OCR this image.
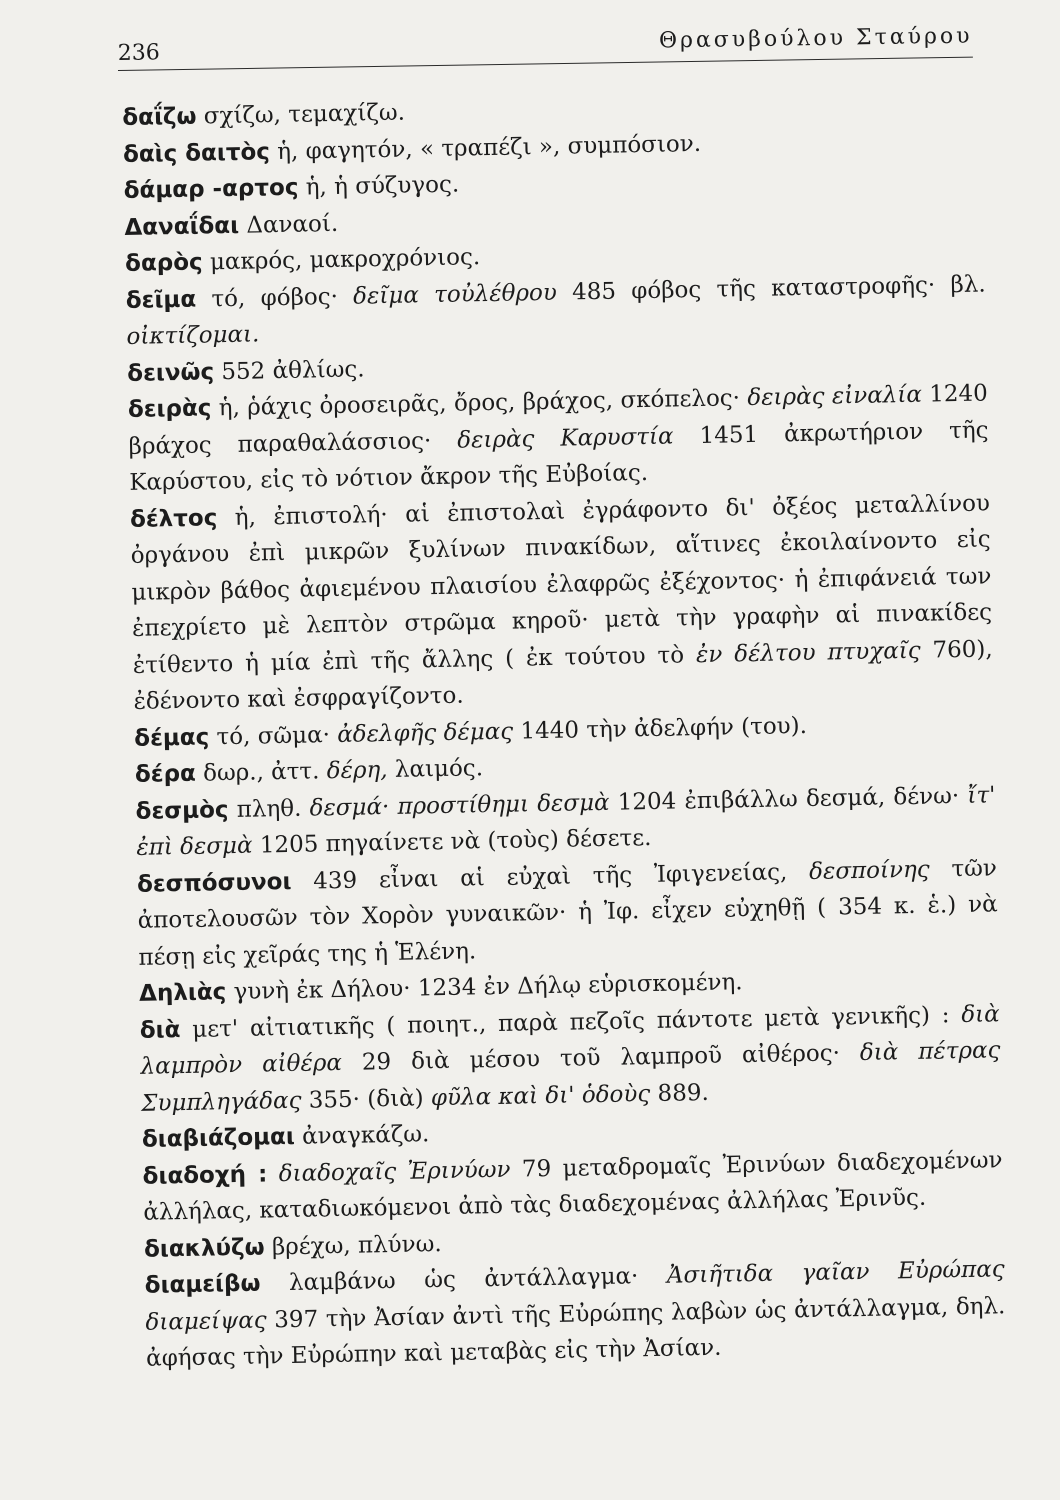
236	Θρασυβούλου Σταύρου

δαΐζω σχίζω, τεμαχίζω.

δαὶς δαιτὸς ἡ, φαγητόν, « τραπέζι », συμπόσιον.

δάμαρ -αρτος ἡ, ἡ σύζυγος.

Δαναΐδαι Δαναοί.

δαρὸς μακρός, μακροχρόνιος.

δεῖμα τό, φόβος· δεῖμα τοὐλέθρου 485 φόβος τῆς καταστροφῆς· βλ. οἰκτίζομαι.

δεινῶς 552 ἀθλίως.

δειρὰς ἡ, ῥάχις ὀροσειρᾶς, ὄρος, βράχος, σκόπελος· δειρὰς εἰναλία 1240 βράχος παραθαλάσσιος· δειρὰς Καρυστία 1451 ἀκρωτήριον τῆς Καρύστου, εἰς τὸ νότιον ἄκρον τῆς Εὐβοίας.

δέλτος ἡ, ἐπιστολή· αἱ ἐπιστολαὶ ἐγράφοντο δι' ὀξέος μεταλλίνου ὀργάνου ἐπὶ μικρῶν ξυλίνων πινακίδων, αἵτινες ἐκοιλαίνοντο εἰς μικρὸν βάθος ἀφιεμένου πλαισίου ἐλαφρῶς ἐξέχοντος· ἡ ἐπιφάνειά των ἐπεχρίετο μὲ λεπτὸν στρῶμα κηροῦ· μετὰ τὴν γραφὴν αἱ πινακίδες ἐτίθεντο ἡ μία ἐπὶ τῆς ἄλλης ( ἐκ τούτου τὸ ἐν δέλτου πτυχαῖς 760), ἐδένοντο καὶ ἐσφραγίζοντο.

δέμας τό, σῶμα· ἀδελφῆς δέμας 1440 τὴν ἀδελφήν (του).

δέρα δωρ., ἀττ. δέρη, λαιμός.

δεσμὸς πληθ. δεσμά· προστίθημι δεσμὰ 1204 ἐπιβάλλω δεσμά, δένω· ἴτ' ἐπὶ δεσμὰ 1205 πηγαίνετε νὰ (τοὺς) δέσετε.

δεσπόσυνοι 439 εἶναι αἱ εὐχαὶ τῆς Ἰφιγενείας, δεσποίνης τῶν ἀποτελουσῶν τὸν Χορὸν γυναικῶν· ἡ Ἰφ. εἶχεν εὐχηθῇ ( 354 κ. ἑ.) νὰ πέσῃ εἰς χεῖράς της ἡ Ἑλένη.

Δηλιὰς γυνὴ ἐκ Δήλου· 1234 ἐν Δήλῳ εὑρισκομένη.

διὰ μετ' αἰτιατικῆς ( ποιητ., παρὰ πεζοῖς πάντοτε μετὰ γενικῆς) : διὰ λαμπρὸν αἰθέρα 29 διὰ μέσου τοῦ λαμπροῦ αἰθέρος· διὰ πέτρας Συμπληγάδας 355· (διὰ) φῦλα καὶ δι' ὁδοὺς 889.

διαβιάζομαι ἀναγκάζω.

διαδοχή : διαδοχαῖς Ἐρινύων 79 μεταδρομαῖς Ἐρινύων διαδεχομένων ἀλλήλας, καταδιωκόμενοι ἀπὸ τὰς διαδεχομένας ἀλλήλας Ἐρινῦς.

διακλύζω βρέχω, πλύνω.

διαμείβω λαμβάνω ὡς ἀντάλλαγμα· Ἀσιῆτιδα γαῖαν Εὐρώπας διαμείψας 397 τὴν Ἀσίαν ἀντὶ τῆς Εὐρώπης λαβὼν ὡς ἀντάλλαγμα, δηλ. ἀφήσας τὴν Εὐρώπην καὶ μεταβὰς εἰς τὴν Ἀσίαν.
